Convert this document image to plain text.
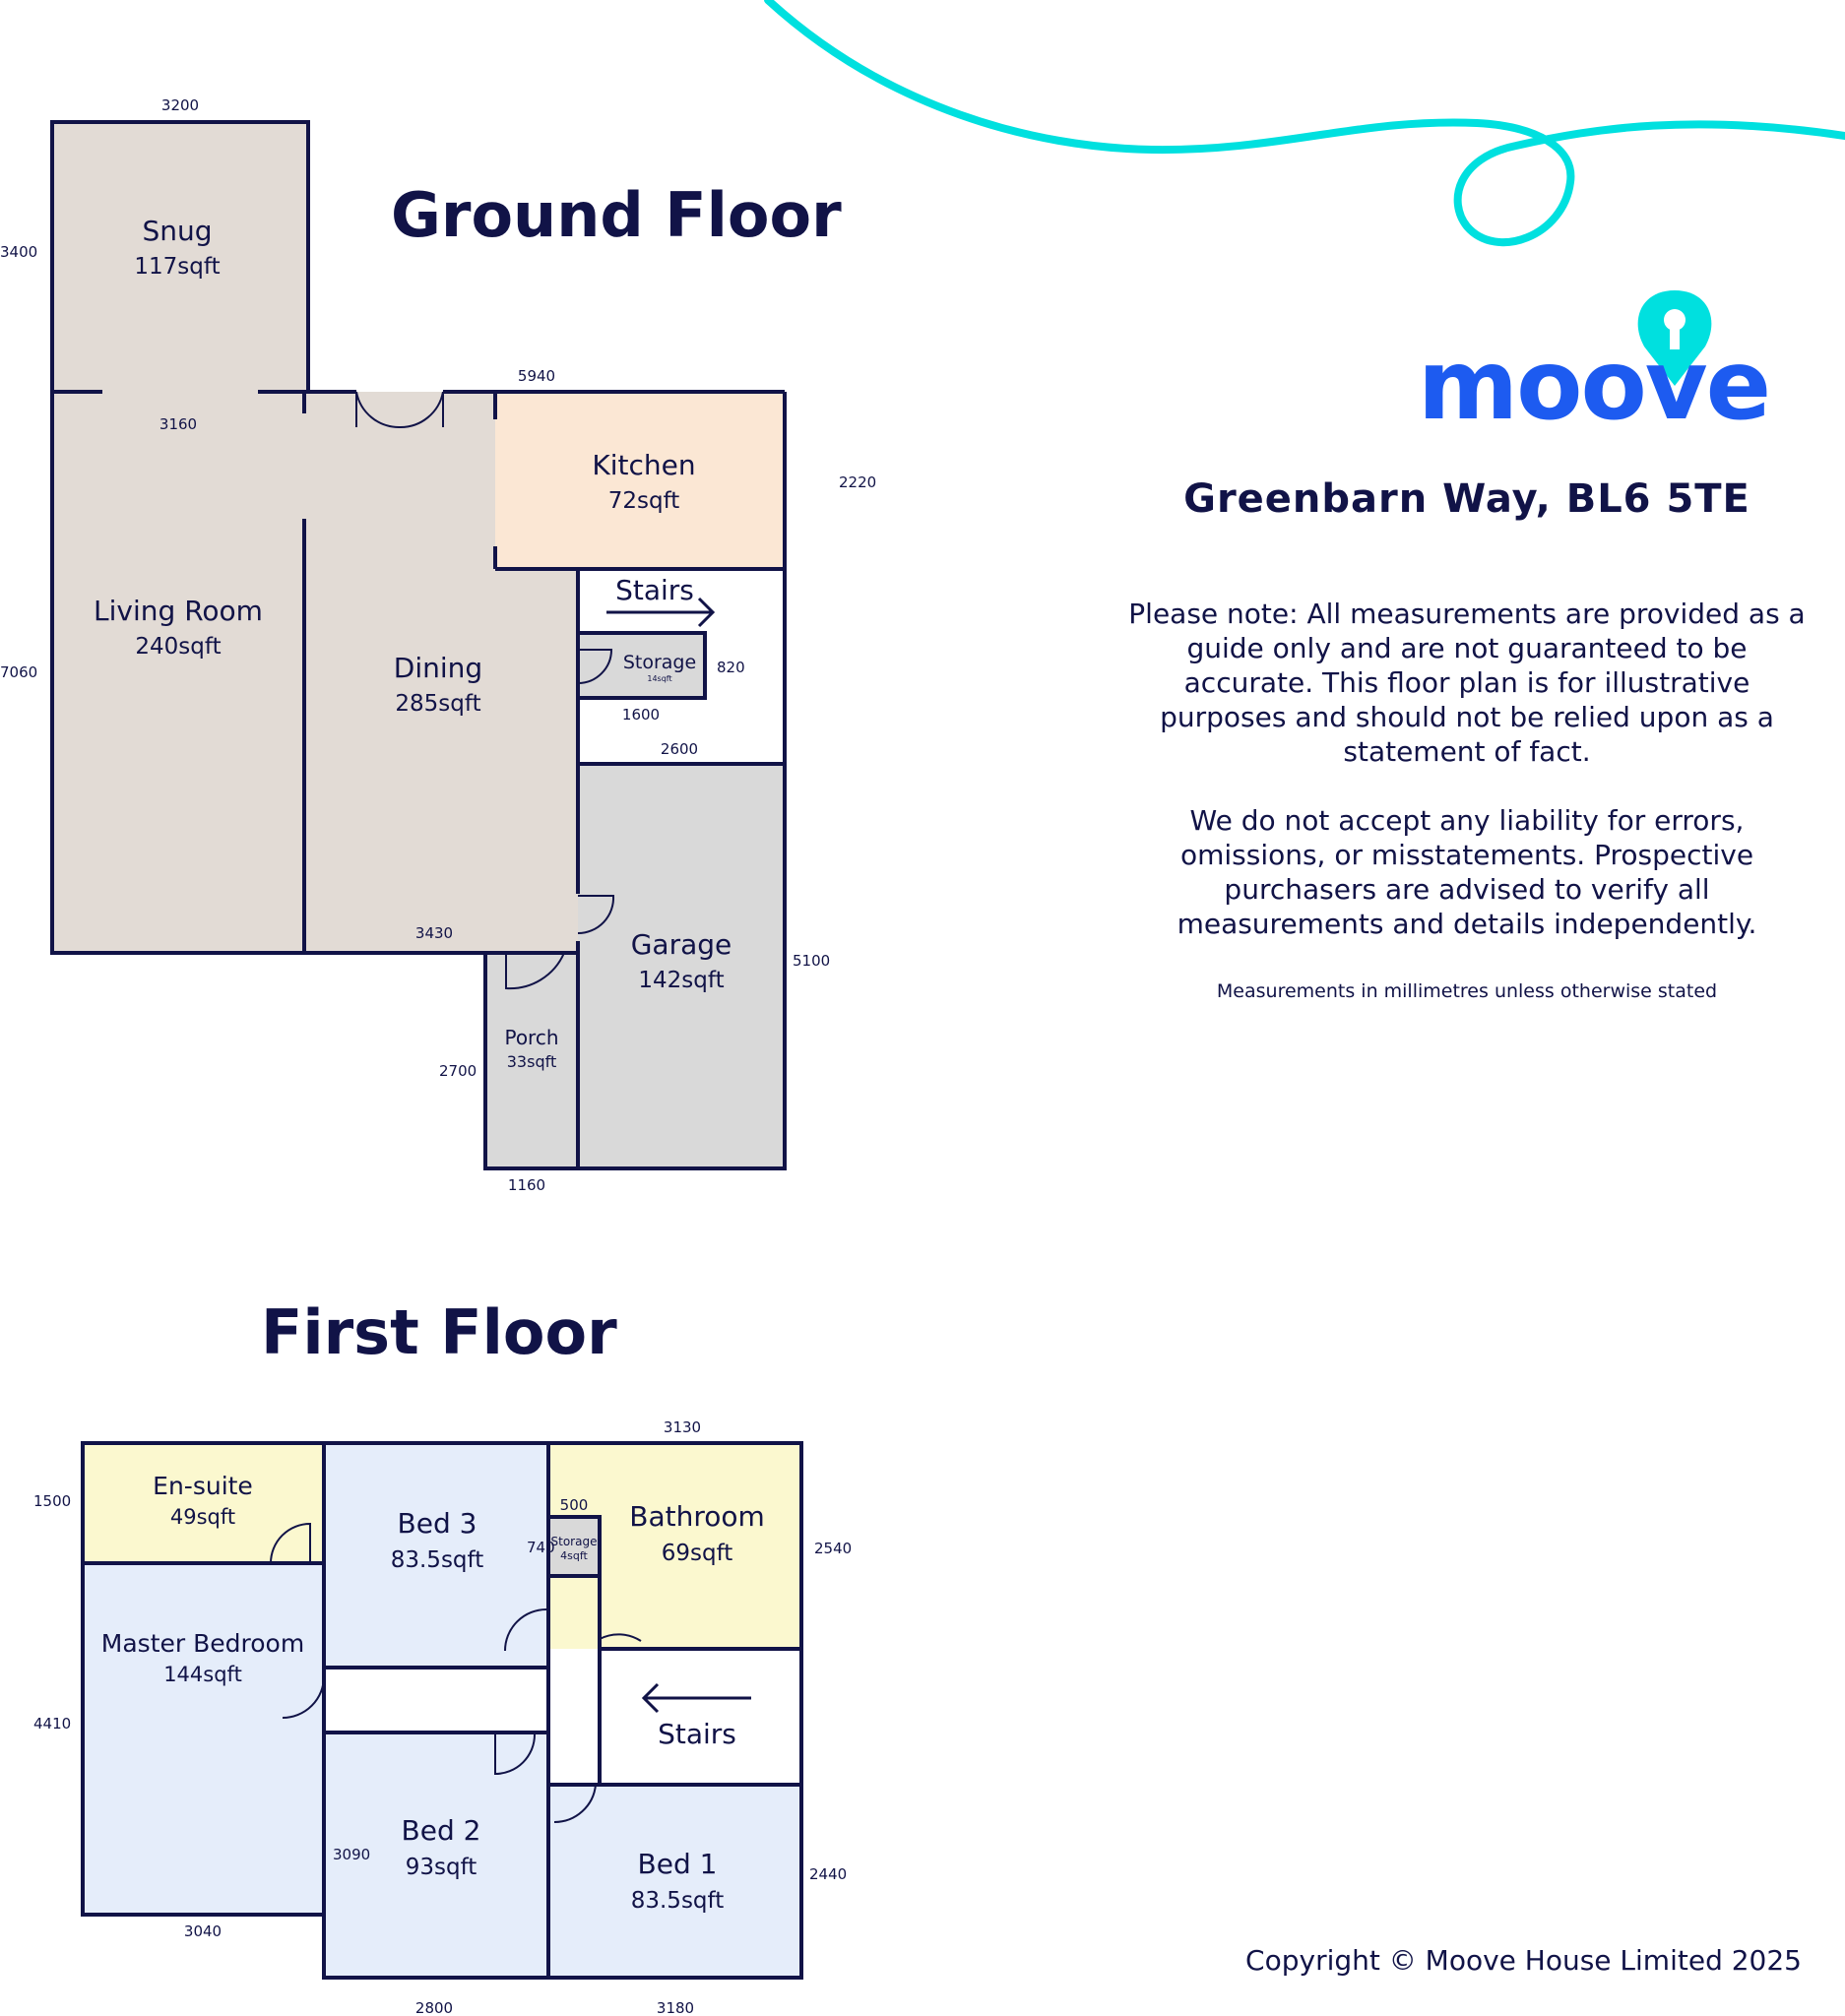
moove
Ground Floor
Snug
117sqft
Living Room
240sqft
Dining
285sqft
Kitchen
72sqft
Stairs
Storage
14sqft
Garage
142sqft
Porch
33sqft
3200
3400
3160
7060
5940
2220
820
1600
2600
3430
5100
2700
1160
First Floor
En-suite
49sqft
Master Bedroom
144sqft
Bed 3
83.5sqft
Storage
4sqft
Bathroom
69sqft
Stairs
Bed 2
93sqft	Bed 1
83.5sqft
3130
1500	500
740	2540
4410
3040
3090
2440
2800	3180
Greenbarn Way, BL6 5TE

Please note: All measurements are provided as a guide only and are not guaranteed to be accurate. This floor plan is for illustrative purposes and should not be relied upon as a statement of fact.

We do not accept any liability for errors, omissions, or misstatements. Prospective purchasers are advised to verify all measurements and details independently.

Measurements in millimetres unless otherwise stated
Copyright © Moove House Limited 2025
